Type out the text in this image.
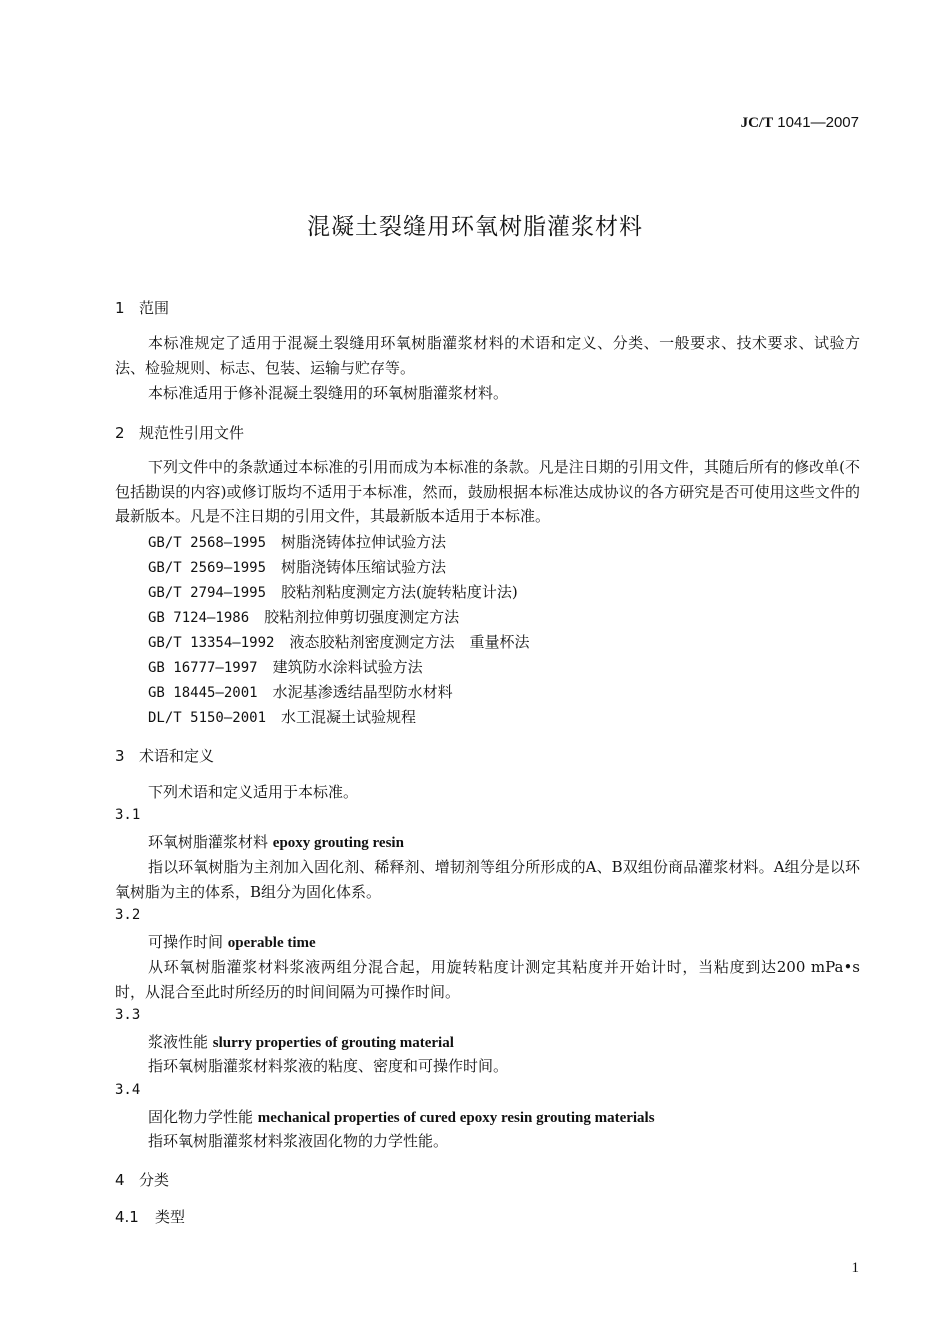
JC/T 1041—2007
混凝土裂缝用环氧树脂灌浆材料
1 范围
本标准规定了适用于混凝土裂缝用环氧树脂灌浆材料的术语和定义、分类、一般要求、技术要求、试验方法、检验规则、标志、包装、运输与贮存等。
本标准适用于修补混凝土裂缝用的环氧树脂灌浆材料。
2 规范性引用文件
下列文件中的条款通过本标准的引用而成为本标准的条款。凡是注日期的引用文件，其随后所有的修改单(不包括勘误的内容)或修订版均不适用于本标准，然而，鼓励根据本标准达成协议的各方研究是否可使用这些文件的最新版本。凡是不注日期的引用文件，其最新版本适用于本标准。
GB/T 2568—1995　 树脂浇铸体拉伸试验方法
GB/T 2569—1995　 树脂浇铸体压缩试验方法
GB/T 2794—1995　 胶粘剂粘度测定方法(旋转粘度计法)
GB 7124—1986　 胶粘剂拉伸剪切强度测定方法
GB/T 13354—1992　 液态胶粘剂密度测定方法　重量杯法
GB 16777—1997　 建筑防水涂料试验方法
GB 18445—2001　 水泥基渗透结晶型防水材料
DL/T 5150—2001　 水工混凝土试验规程
3 术语和定义
下列术语和定义适用于本标准。
3.1
环氧树脂灌浆材料 epoxy grouting resin
指以环氧树脂为主剂加入固化剂、稀释剂、增韧剂等组分所形成的A、B双组份商品灌浆材料。A组分是以环氧树脂为主的体系，B组分为固化体系。
3.2
可操作时间 operable time
从环氧树脂灌浆材料浆液两组分混合起，用旋转粘度计测定其粘度并开始计时，当粘度到达200 mPa•s时，从混合至此时所经历的时间间隔为可操作时间。
3.3
浆液性能 slurry properties of grouting material
指环氧树脂灌浆材料浆液的粘度、密度和可操作时间。
3.4
固化物力学性能 mechanical properties of cured epoxy resin grouting materials
指环氧树脂灌浆材料浆液固化物的力学性能。
4 分类
4.1 类型
1
